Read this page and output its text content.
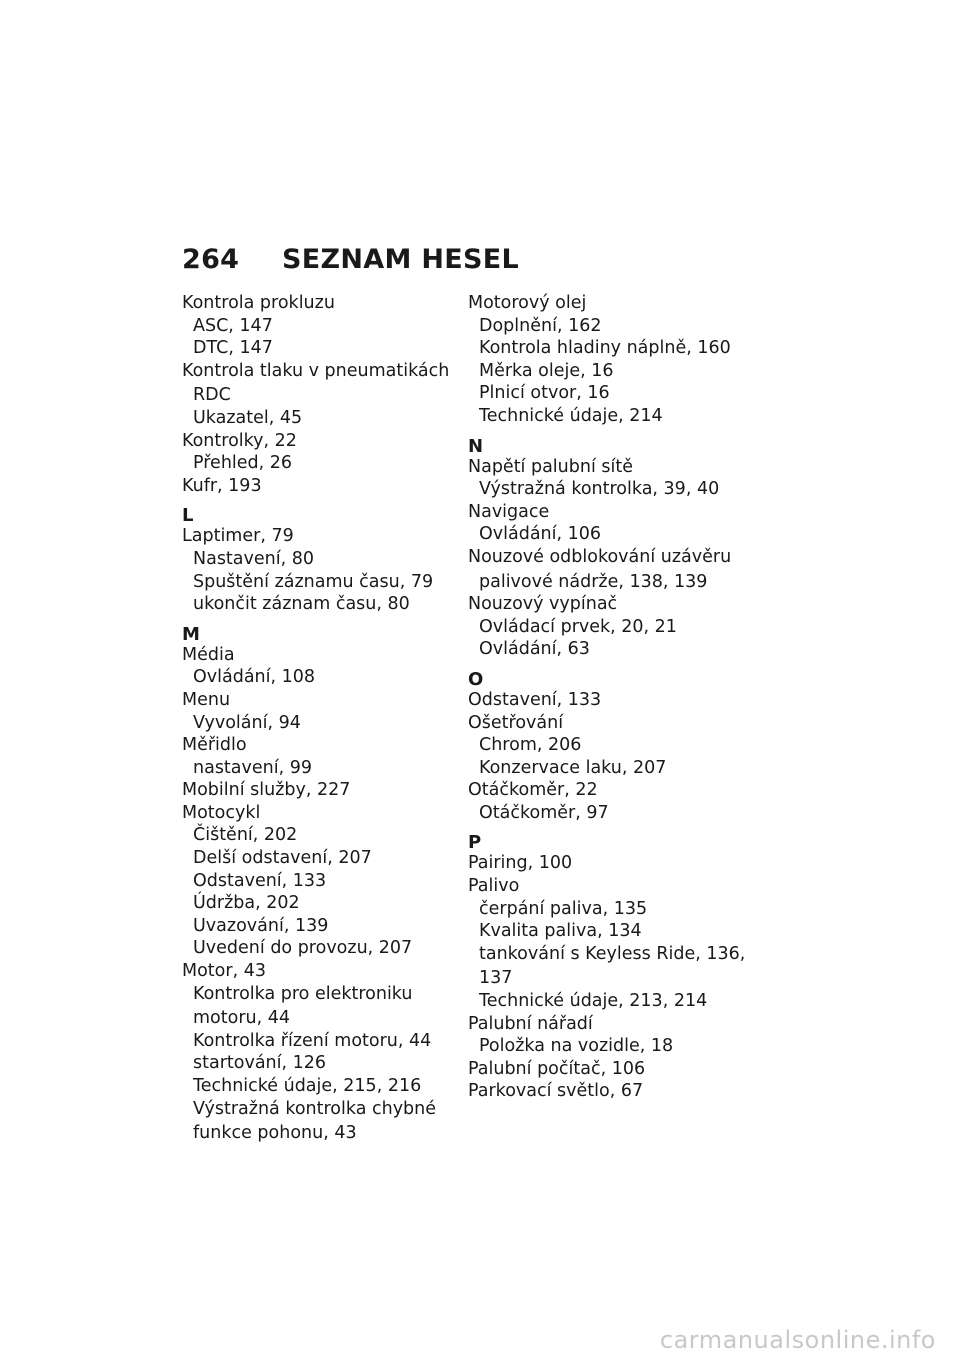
264 SEZNAM HESEL
Kontrola prokluzu
ASC, 147
DTC, 147
Kontrola tlaku v pneumatikách
RDC
Ukazatel, 45
Kontrolky, 22
Přehled, 26
Kufr, 193
L
Laptimer, 79
Nastavení, 80
Spuštění záznamu času, 79
ukončit záznam času, 80
M
Média
Ovládání, 108
Menu
Vyvolání, 94
Měřidlo
nastavení, 99
Mobilní služby, 227
Motocykl
Čištění, 202
Delší odstavení, 207
Odstavení, 133
Údržba, 202
Uvazování, 139
Uvedení do provozu, 207
Motor, 43
Kontrolka pro elektroniku
motoru, 44
Kontrolka řízení motoru, 44
startování, 126
Technické údaje, 215, 216
Výstražná kontrolka chybné
funkce pohonu, 43
Motorový olej
Doplnění, 162
Kontrola hladiny náplně, 160
Měrka oleje, 16
Plnicí otvor, 16
Technické údaje, 214
N
Napětí palubní sítě
Výstražná kontrolka, 39, 40
Navigace
Ovládání, 106
Nouzové odblokování uzávěru
palivové nádrže, 138, 139
Nouzový vypínač
Ovládací prvek, 20, 21
Ovládání, 63
O
Odstavení, 133
Ošetřování
Chrom, 206
Konzervace laku, 207
Otáčkoměr, 22
Otáčkoměr, 97
P
Pairing, 100
Palivo
čerpání paliva, 135
Kvalita paliva, 134
tankování s Keyless Ride, 136,
137
Technické údaje, 213, 214
Palubní nářadí
Položka na vozidle, 18
Palubní počítač, 106
Parkovací světlo, 67
carmanualsonline.info
